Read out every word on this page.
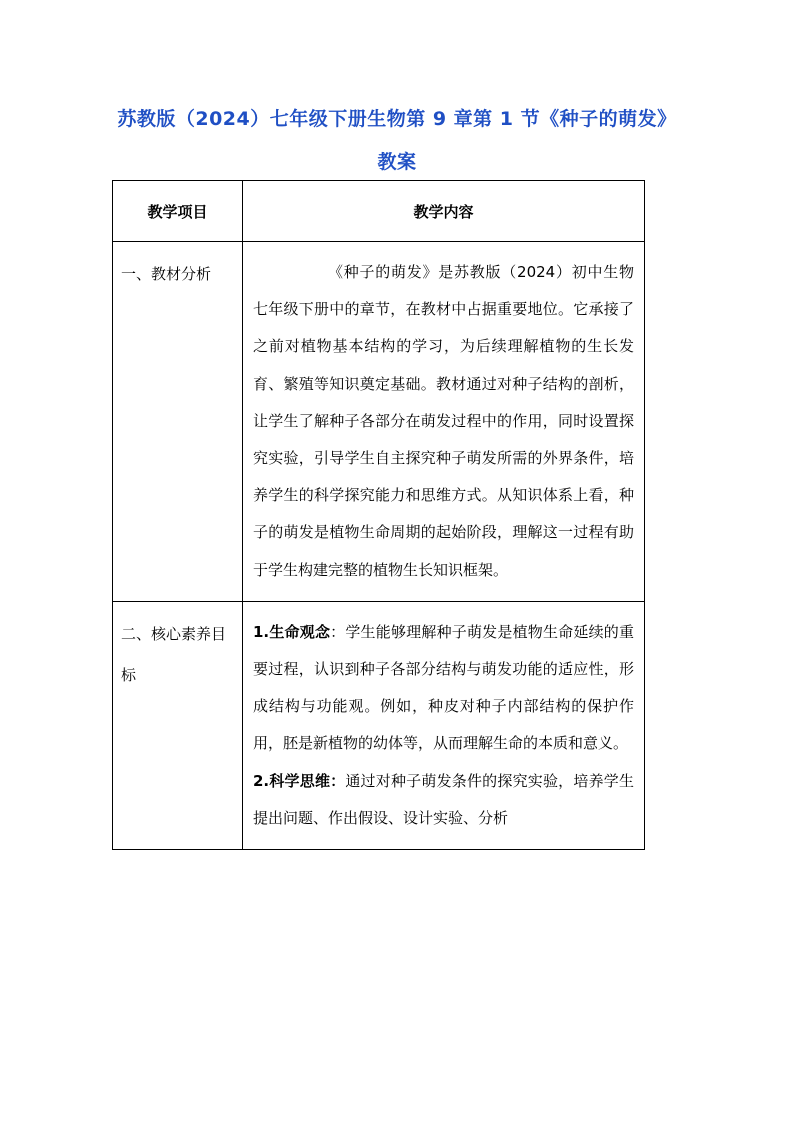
苏教版（2024）七年级下册生物第 9 章第 1 节《种子的萌发》教案
教学项目	教学内容
一、教材分析	《种子的萌发》是苏教版（2024）初中生物七年级下册中的章节，在教材中占据重要地位。它承接了之前对植物基本结构的学习，为后续理解植物的生长发育、繁殖等知识奠定基础。教材通过对种子结构的剖析，让学生了解种子各部分在萌发过程中的作用，同时设置探究实验，引导学生自主探究种子萌发所需的外界条件，培养学生的科学探究能力和思维方式。从知识体系上看，种子的萌发是植物生命周期的起始阶段，理解这一过程有助于学生构建完整的植物生长知识框架。

二、核心素养目标	1.生命观念：学生能够理解种子萌发是植物生命延续的重要过程，认识到种子各部分结构与萌发功能的适应性，形成结构与功能观。例如，种皮对种子内部结构的保护作用，胚是新植物的幼体等，从而理解生命的本质和意义。

2.科学思维：通过对种子萌发条件的探究实验，培养学生提出问题、作出假设、设计实验、分析
